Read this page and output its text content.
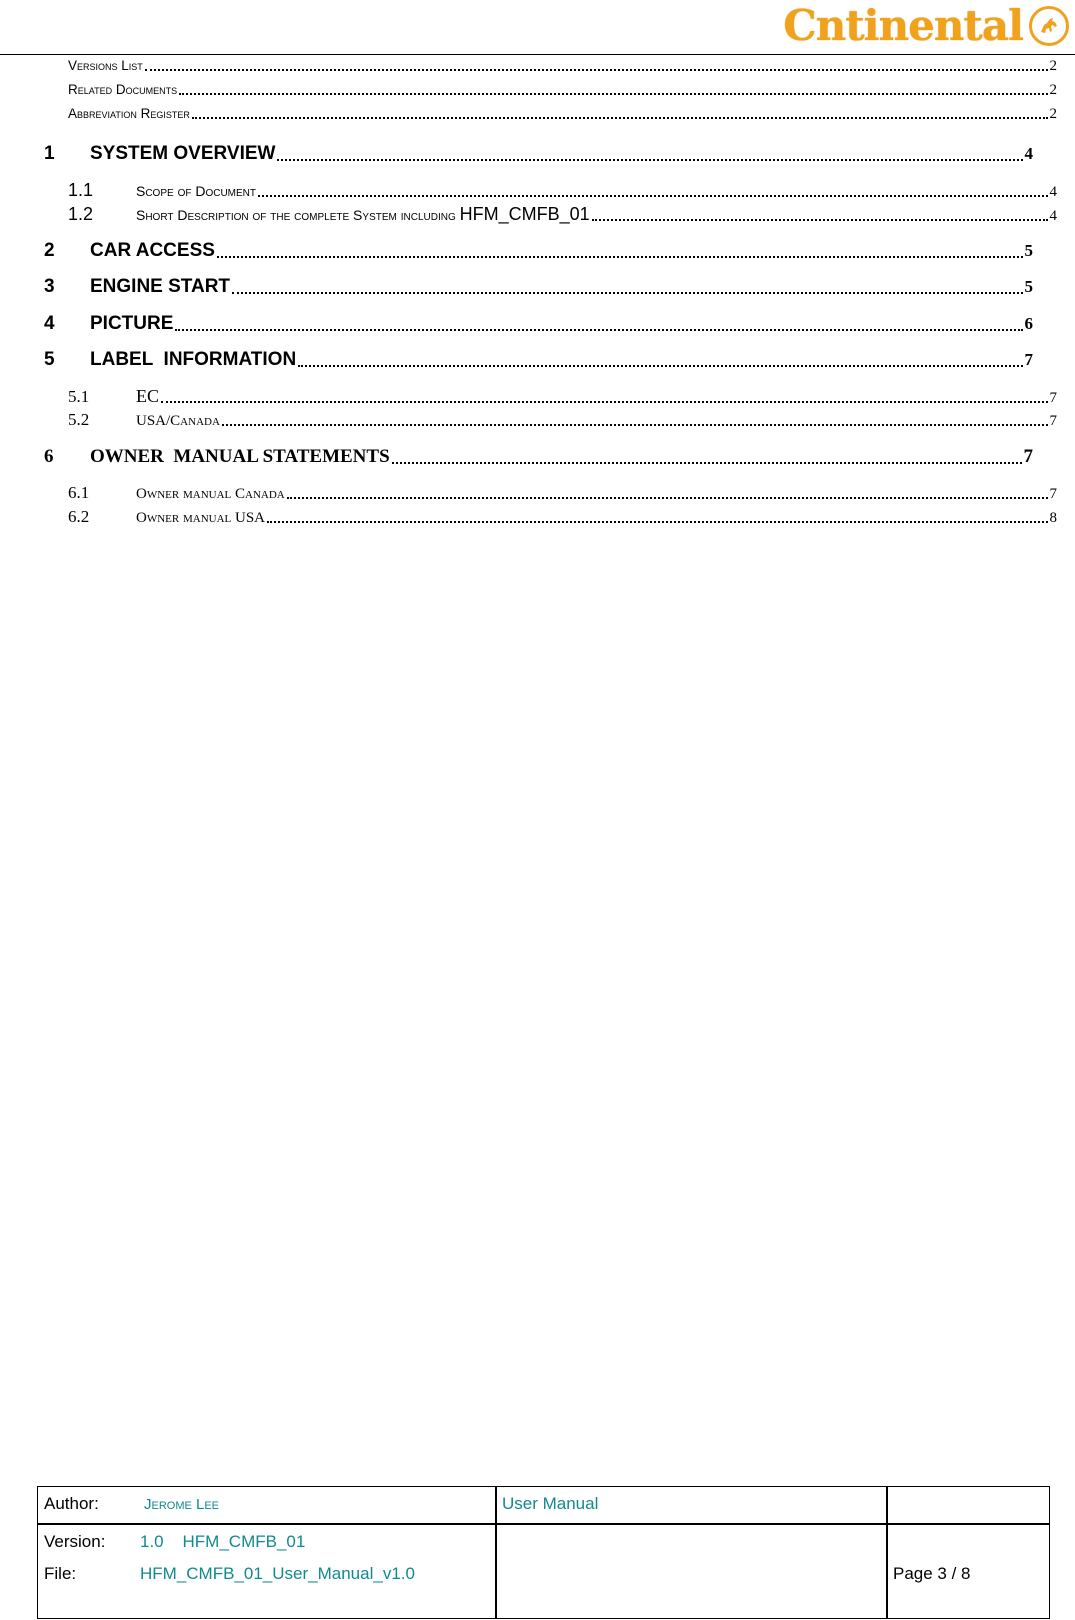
Cntinental
Versions List	2
Related Documents	2
Abbreviation Register	2
1	SYSTEM OVERVIEW	4
1.1	Scope of Document	4
1.2	Short Description of the complete System including HFM_CMFB_01	4
2	CAR ACCESS	5
3	ENGINE START	5
4	PICTURE	6
5	LABEL  INFORMATION	7
5.1	EC	7
5.2	USA/Canada	7
6	OWNER  MANUAL STATEMENTS	7
6.1	Owner manual Canada	7
6.2	Owner manual USA	8
Author:	Jerome Lee	User Manual
Version: 1.0    HFM_CMFB_01
File:	HFM_CMFB_01_User_Manual_v1.0	Page 3 / 8
